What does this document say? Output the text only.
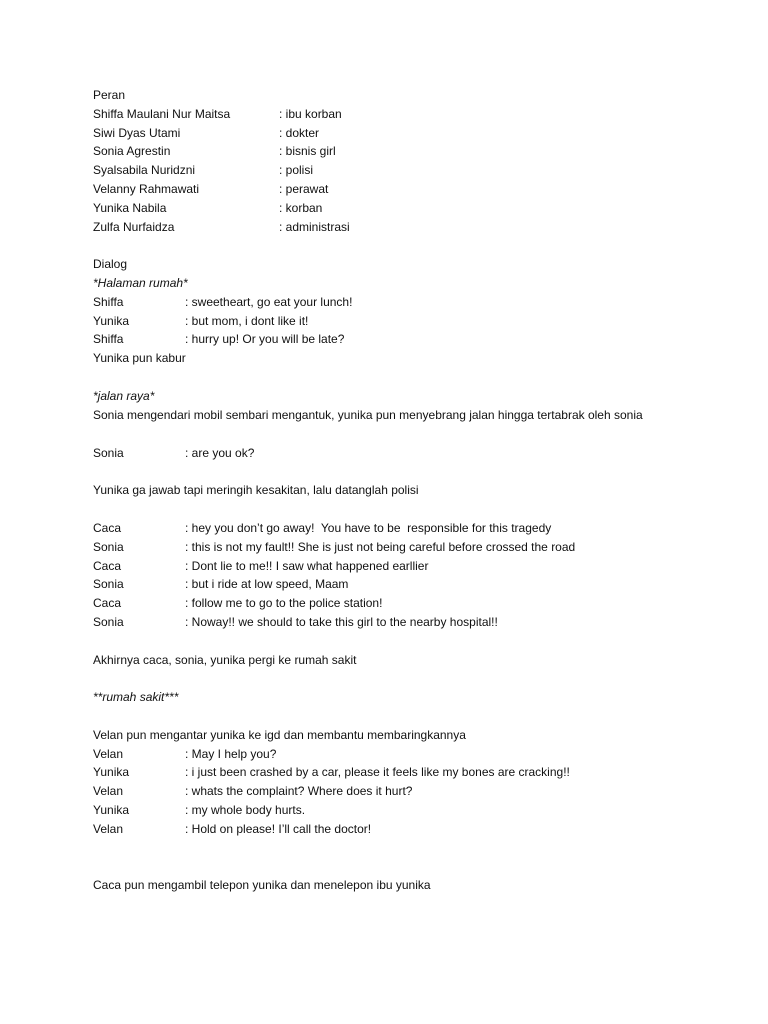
Peran
Shiffa Maulani Nur Maitsa	: ibu korban
Siwi Dyas Utami	: dokter
Sonia Agrestin	: bisnis girl
Syalsabila Nuridzni	: polisi
Velanny Rahmawati	: perawat
Yunika Nabila	: korban
Zulfa Nurfaidza	: administrasi
Dialog
*Halaman rumah*
Shiffa	: sweetheart, go eat your lunch!
Yunika	: but mom, i dont like it!
Shiffa	: hurry up! Or you will be late?
Yunika pun kabur
*jalan raya*
Sonia mengendari mobil sembari mengantuk, yunika pun menyebrang jalan hingga tertabrak oleh sonia
Sonia	: are you ok?
Yunika ga jawab tapi meringih kesakitan, lalu datanglah polisi
Caca	: hey you don’t go away!  You have to be  responsible for this tragedy
Sonia	: this is not my fault!! She is just not being careful before crossed the road
Caca	: Dont lie to me!! I saw what happened earllier
Sonia	: but i ride at low speed, Maam
Caca	: follow me to go to the police station!
Sonia	: Noway!! we should to take this girl to the nearby hospital!!
Akhirnya caca, sonia, yunika pergi ke rumah sakit
**rumah sakit***
Velan pun mengantar yunika ke igd dan membantu membaringkannya
Velan	: May I help you?
Yunika	: i just been crashed by a car, please it feels like my bones are cracking!!
Velan	: whats the complaint? Where does it hurt?
Yunika	: my whole body hurts.
Velan	: Hold on please! I’ll call the doctor!
Caca pun mengambil telepon yunika dan menelepon ibu yunika
